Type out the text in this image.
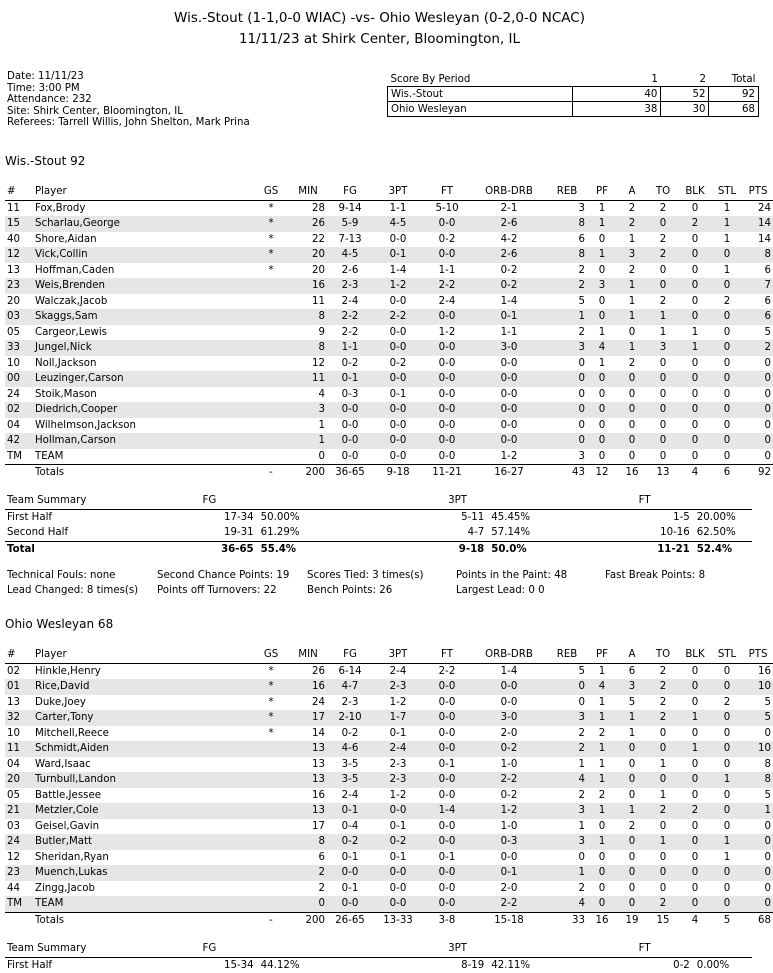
Wis.-Stout (1-1,0-0 WIAC) -vs- Ohio Wesleyan (0-2,0-0 NCAC)
11/11/23 at Shirk Center, Bloomington, IL
Date: 11/11/23
Time: 3:00 PM
Attendance: 232
Site: Shirk Center, Bloomington, IL
Referees: Tarrell Willis, John Shelton, Mark Prina
Score By Period	1	2	Total
Wis.-Stout	40	52	92
Ohio Wesleyan	38	30	68
Wis.-Stout 92
#	Player	GS	MIN	FG	3PT	FT	ORB-DRB	REB	PF	A	TO	BLK	STL	PTS
11	Fox,Brody	*	28	9-14	1-1	5-10	2-1	3	1	2	2	0	1	24
15	Scharlau,George	*	26	5-9	4-5	0-0	2-6	8	1	2	0	2	1	14
40	Shore,Aidan	*	22	7-13	0-0	0-2	4-2	6	0	1	2	0	1	14
12	Vick,Collin	*	20	4-5	0-1	0-0	2-6	8	1	3	2	0	0	8
13	Hoffman,Caden	*	20	2-6	1-4	1-1	0-2	2	0	2	0	0	1	6
23	Weis,Brenden		16	2-3	1-2	2-2	0-2	2	3	1	0	0	0	7
20	Walczak,Jacob		11	2-4	0-0	2-4	1-4	5	0	1	2	0	2	6
03	Skaggs,Sam		8	2-2	2-2	0-0	0-1	1	0	1	1	0	0	6
05	Cargeor,Lewis		9	2-2	0-0	1-2	1-1	2	1	0	1	1	0	5
33	Jungel,Nick		8	1-1	0-0	0-0	3-0	3	4	1	3	1	0	2
10	Noll,Jackson		12	0-2	0-2	0-0	0-0	0	1	2	0	0	0	0
00	Leuzinger,Carson		11	0-1	0-0	0-0	0-0	0	0	0	0	0	0	0
24	Stoik,Mason		4	0-3	0-1	0-0	0-0	0	0	0	0	0	0	0
02	Diedrich,Cooper		3	0-0	0-0	0-0	0-0	0	0	0	0	0	0	0
04	Wilhelmson,Jackson		1	0-0	0-0	0-0	0-0	0	0	0	0	0	0	0
42	Hollman,Carson		1	0-0	0-0	0-0	0-0	0	0	0	0	0	0	0
TM	TEAM		0	0-0	0-0	0-0	1-2	3	0	0	0	0	0	0
	Totals	-	200	36-65	9-18	11-21	16-27	43	12	16	13	4	6	92
Team Summary	FG		3PT		FT	
First Half	17-34	50.00%	5-11	45.45%	1-5	20.00%
Second Half	19-31	61.29%	4-7	57.14%	10-16	62.50%
Total	36-65	55.4%	9-18	50.0%	11-21	52.4%
Technical Fouls: none	Second Chance Points: 19 Scores Tied: 3 times(s)	Points in the Paint: 48	Fast Break Points: 8
Lead Changed: 8 times(s) Points off Turnovers: 22	Bench Points: 26	Largest Lead: 0 0
Ohio Wesleyan 68
#	Player	GS	MIN	FG	3PT	FT	ORB-DRB	REB	PF	A	TO	BLK	STL	PTS
02	Hinkle,Henry	*	26	6-14	2-4	2-2	1-4	5	1	6	2	0	0	16
01	Rice,David	*	16	4-7	2-3	0-0	0-0	0	4	3	2	0	0	10
13	Duke,Joey	*	24	2-3	1-2	0-0	0-0	0	1	5	2	0	2	5
32	Carter,Tony	*	17	2-10	1-7	0-0	3-0	3	1	1	2	1	0	5
10	Mitchell,Reece	*	14	0-2	0-1	0-0	2-0	2	2	1	0	0	0	0
11	Schmidt,Aiden		13	4-6	2-4	0-0	0-2	2	1	0	0	1	0	10
04	Ward,Isaac		13	3-5	2-3	0-1	1-0	1	1	0	1	0	0	8
20	Turnbull,Landon		13	3-5	2-3	0-0	2-2	4	1	0	0	0	1	8
05	Battle,Jessee		16	2-4	1-2	0-0	0-2	2	2	0	1	0	0	5
21	Metzler,Cole		13	0-1	0-0	1-4	1-2	3	1	1	2	2	0	1
03	Geisel,Gavin		17	0-4	0-1	0-0	1-0	1	0	2	0	0	0	0
24	Butler,Matt		8	0-2	0-2	0-0	0-3	3	1	0	1	0	1	0
12	Sheridan,Ryan		6	0-1	0-1	0-1	0-0	0	0	0	0	0	1	0
23	Muench,Lukas		2	0-0	0-0	0-0	0-1	1	0	0	0	0	0	0
44	Zingg,Jacob		2	0-1	0-0	0-0	2-0	2	0	0	0	0	0	0
TM	TEAM		0	0-0	0-0	0-0	2-2	4	0	0	2	0	0	0
	Totals	-	200	26-65	13-33	3-8	15-18	33	16	19	15	4	5	68
Team Summary	FG		3PT		FT	
First Half	15-34	44.12%	8-19	42.11%	0-2	0.00%
